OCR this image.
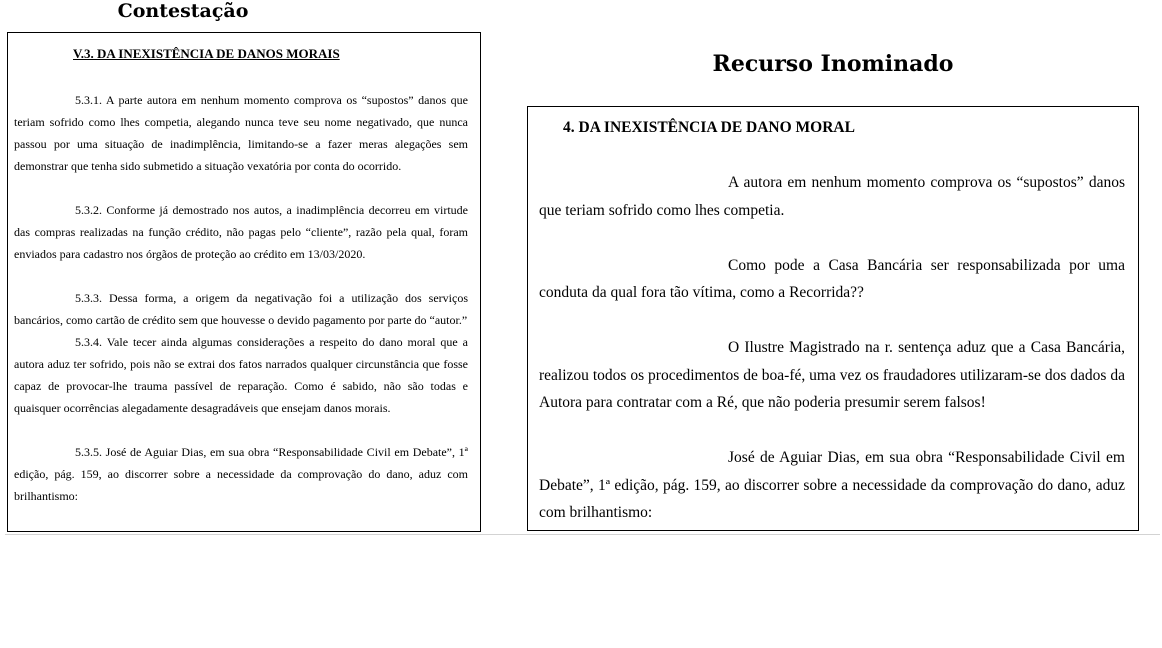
Contestação
V.3. DA INEXISTÊNCIA DE DANOS MORAIS

5.3.1. A parte autora em nenhum momento comprova os “supostos” danos que teriam sofrido como lhes competia, alegando nunca teve seu nome negativado, que nunca passou por uma situação de inadimplência, limitando-se a fazer meras alegações sem demonstrar que tenha sido submetido a situação vexatória por conta do ocorrido.

5.3.2. Conforme já demostrado nos autos, a inadimplência decorreu em virtude das compras realizadas na função crédito, não pagas pelo “cliente”, razão pela qual, foram enviados para cadastro nos órgãos de proteção ao crédito em 13/03/2020.

5.3.3. Dessa forma, a origem da negativação foi a utilização dos serviços bancários, como cartão de crédito sem que houvesse o devido pagamento por parte do “autor.”

5.3.4. Vale tecer ainda algumas considerações a respeito do dano moral que a autora aduz ter sofrido, pois não se extrai dos fatos narrados qualquer circunstância que fosse capaz de provocar-lhe trauma passível de reparação. Como é sabido, não são todas e quaisquer ocorrências alegadamente desagradáveis que ensejam danos morais.

5.3.5. José de Aguiar Dias, em sua obra “Responsabilidade Civil em Debate”, 1ª edição, pág. 159, ao discorrer sobre a necessidade da comprovação do dano, aduz com brilhantismo:

Recurso Inominado
4. DA INEXISTÊNCIA DE DANO MORAL

A autora em nenhum momento comprova os “supostos” danos que teriam sofrido como lhes competia.

Como pode a Casa Bancária ser responsabilizada por uma conduta da qual fora tão vítima, como a Recorrida??

O Ilustre Magistrado na r. sentença aduz que a Casa Bancária, realizou todos os procedimentos de boa-fé, uma vez os fraudadores utilizaram-se dos dados da Autora para contratar com a Ré, que não poderia presumir serem falsos!

José de Aguiar Dias, em sua obra “Responsabilidade Civil em Debate”, 1ª edição, pág. 159, ao discorrer sobre a necessidade da comprovação do dano, aduz com brilhantismo:
